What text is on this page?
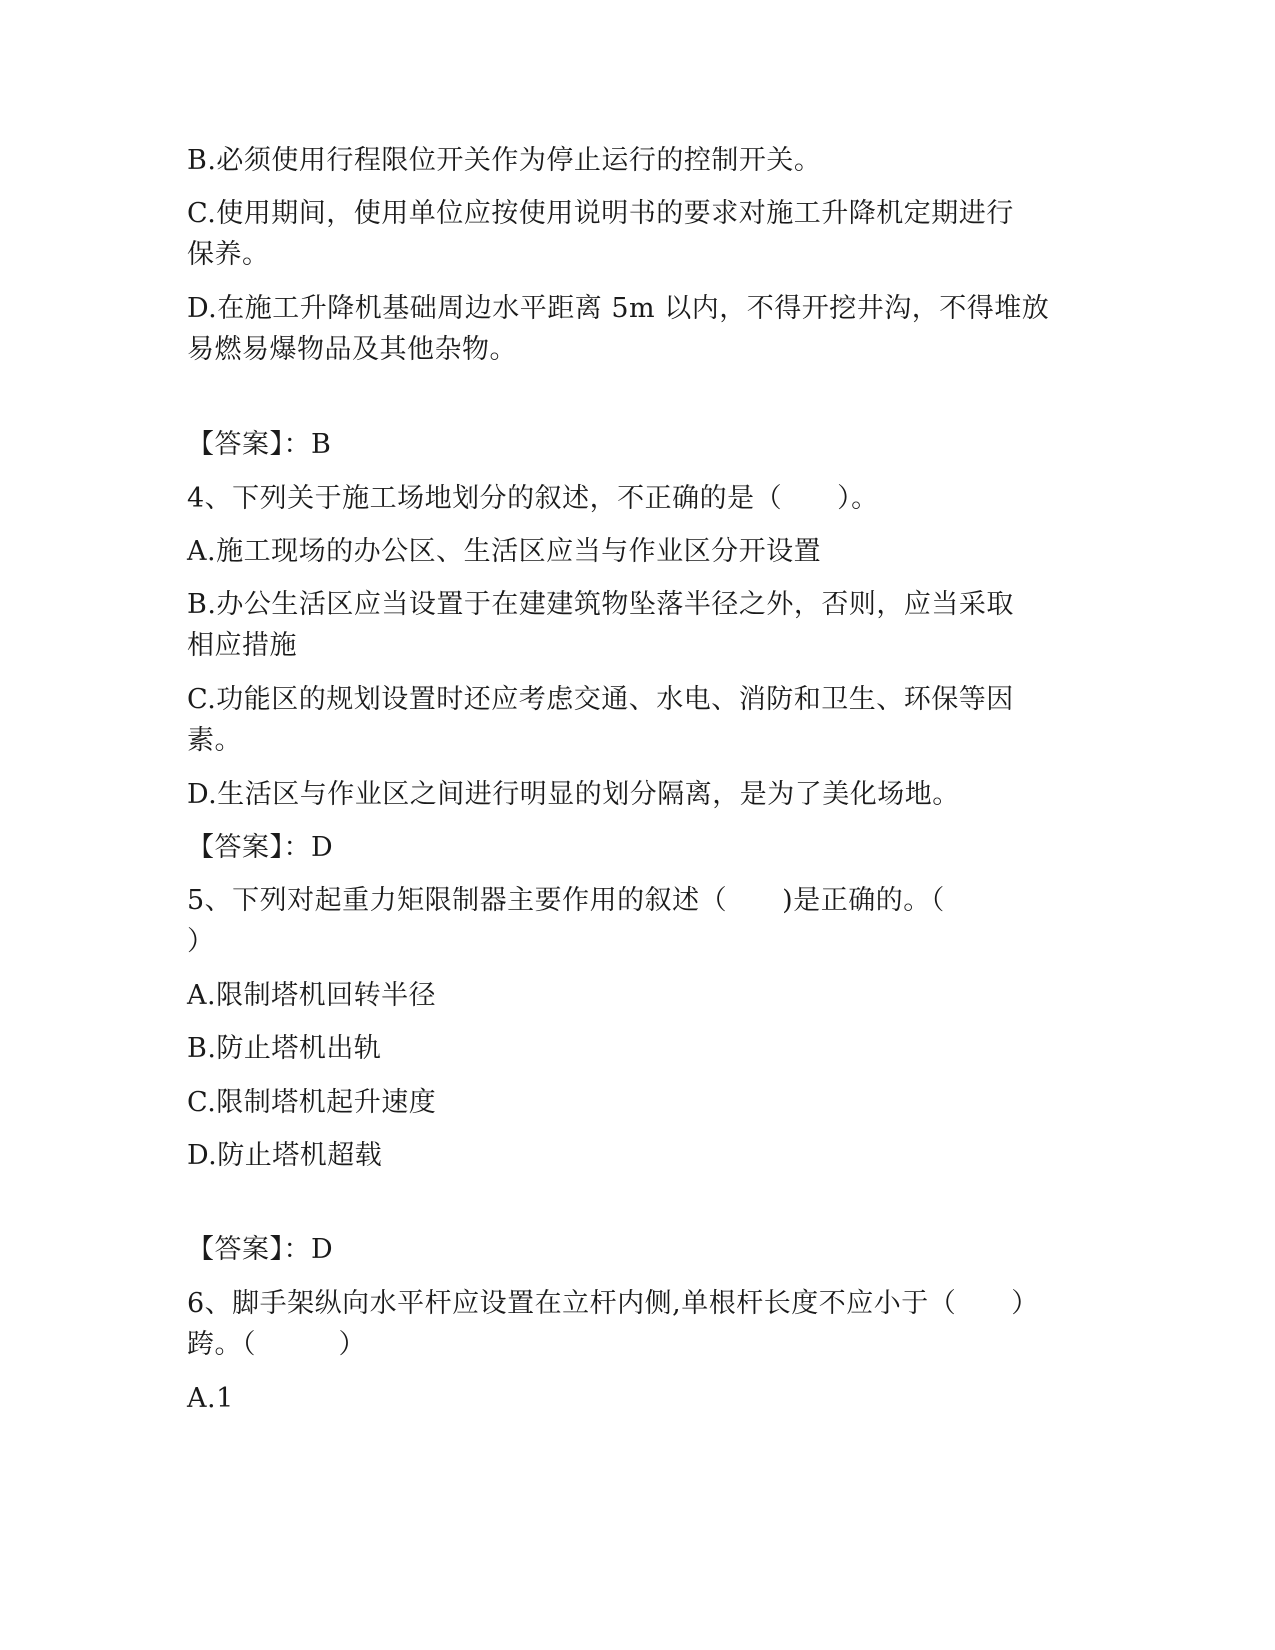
B.必须使用行程限位开关作为停止运行的控制开关。
C.使用期间，使用单位应按使用说明书的要求对施工升降机定期进行
保养。
D.在施工升降机基础周边水平距离 5m 以内，不得开挖井沟，不得堆放
易燃易爆物品及其他杂物。
【答案】：B
4、下列关于施工场地划分的叙述，不正确的是（　　）。
A.施工现场的办公区、生活区应当与作业区分开设置
B.办公生活区应当设置于在建建筑物坠落半径之外，否则，应当采取
相应措施
C.功能区的规划设置时还应考虑交通、水电、消防和卫生、环保等因
素。
D.生活区与作业区之间进行明显的划分隔离，是为了美化场地。
【答案】：D
5、下列对起重力矩限制器主要作用的叙述（　　)是正确的。（
）
A.限制塔机回转半径
B.防止塔机出轨
C.限制塔机起升速度
D.防止塔机超载
【答案】：D
6、脚手架纵向水平杆应设置在立杆内侧,单根杆长度不应小于（　　）
跨。（　　　）
A.1
